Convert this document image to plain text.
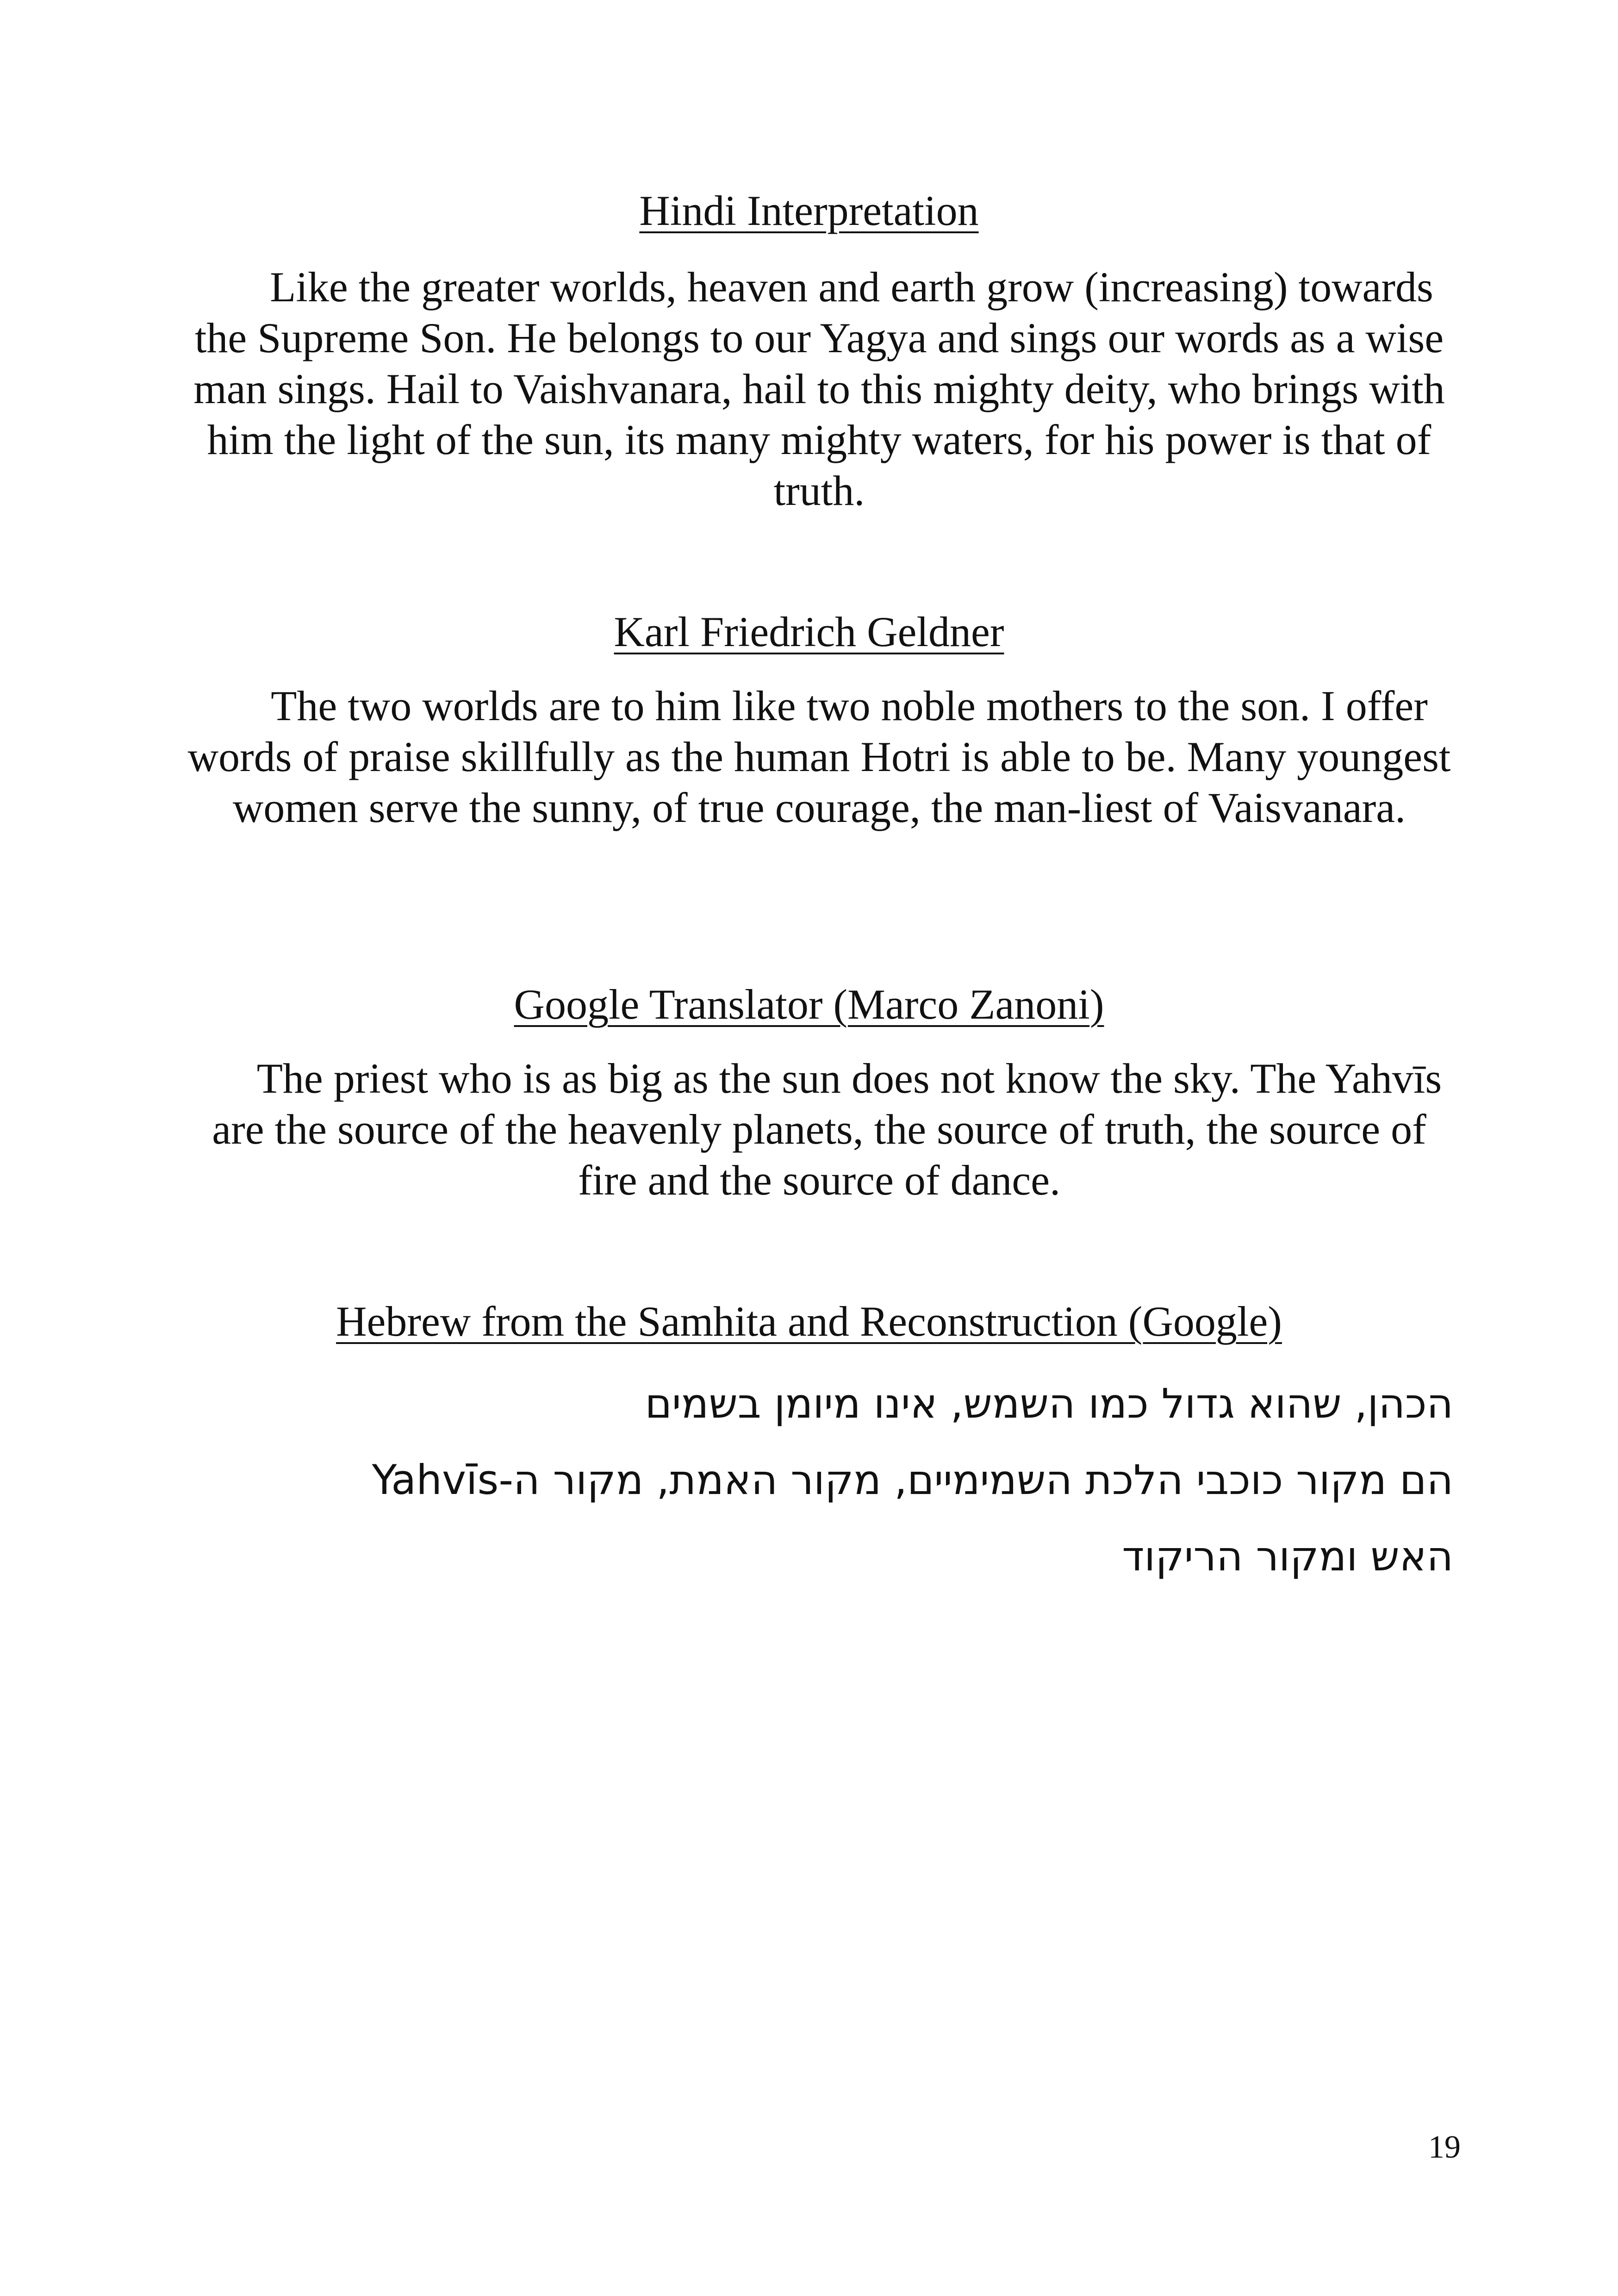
Hindi Interpretation

Like the greater worlds, heaven and earth grow (increasing) towards the Supreme Son. He belongs to our Yagya and sings our words as a wise man sings. Hail to Vaishvanara, hail to this mighty deity, who brings with him the light of the sun, its many mighty waters, for his power is that of truth.

Karl Friedrich Geldner

The two worlds are to him like two noble mothers to the son. I offer words of praise skillfully as the human Hotri is able to be. Many youngest women serve the sunny, of true courage, the man-liest of Vaisvanara.

Google Translator (Marco Zanoni)

The priest who is as big as the sun does not know the sky. The Yahvīs are the source of the heavenly planets, the source of truth, the source of fire and the source of dance.

Hebrew from the Samhita and Reconstruction (Google)
הכהן, שהוא גדול כמו השמש, אינו מיומן בשמים
הם מקור כוכבי הלכת השמימיים, מקור האמת, מקור ה-Yahvīs
האש ומקור הריקוד

19
